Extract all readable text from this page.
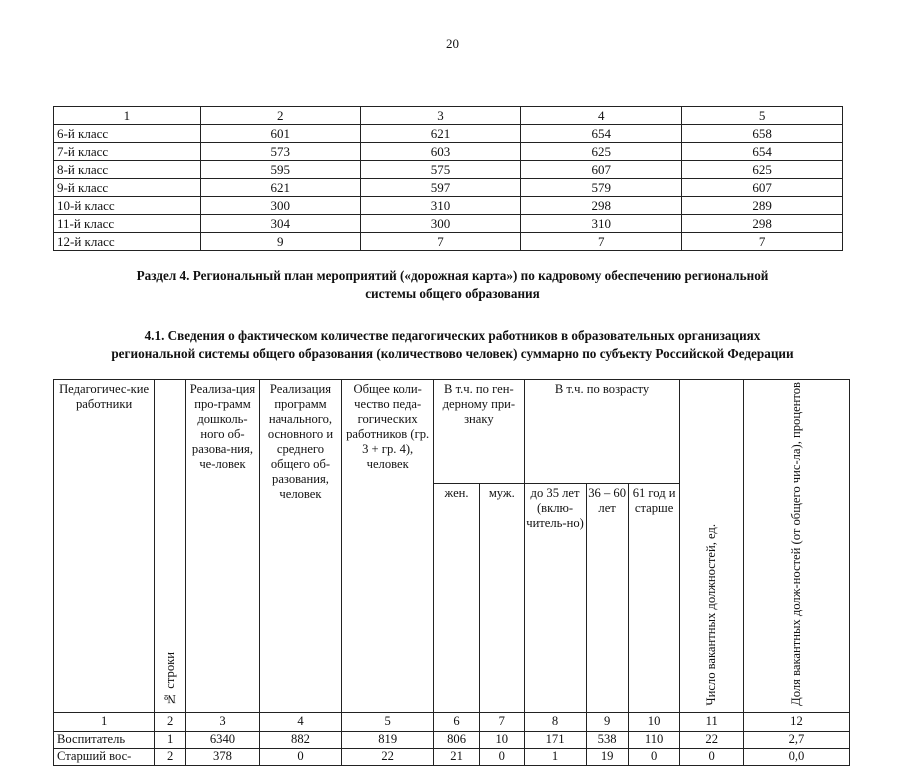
20
1	2	3	4	5
6-й класс	601	621	654	658
7-й класс	573	603	625	654
8-й класс	595	575	607	625
9-й класс	621	597	579	607
10-й класс	300	310	298	289
11-й класс	304	300	310	298
12-й класс	9	7	7	7
Раздел 4. Региональный план мероприятий («дорожная карта») по кадровому обеспечению региональной
системы общего образования
4.1. Сведения о фактическом количестве педагогических работников в образовательных организациях
региональной системы общего образования (количествово человек) суммарно по субъекту Российской Федерации
Педагогичес-кие работники	№ строки	Реализа-ция про-грамм дошколь-ного об-разова-ния, че-ловек	Реализация программ начального, основного и среднего общего об-разования, человек	Общее коли-чество педа-гогических работников (гр. 3 + гр. 4), человек	В т.ч. по ген-дерному при-знаку		В т.ч. по возрасту			Число вакантных должностей, ед.	Доля вакантных долж-ностей (от общего чис-ла), процентов
					жен.	муж.	до 35 лет (вклю-читель-но)	36 – 60 лет	61 год и старше		
1	2	3	4	5	6	7	8	9	10	11	12
Воспитатель	1	6340	882	819	806	10	171	538	110	22	2,7
Старший вос-	2	378	0	22	21	0	1	19	0	0	0,0
